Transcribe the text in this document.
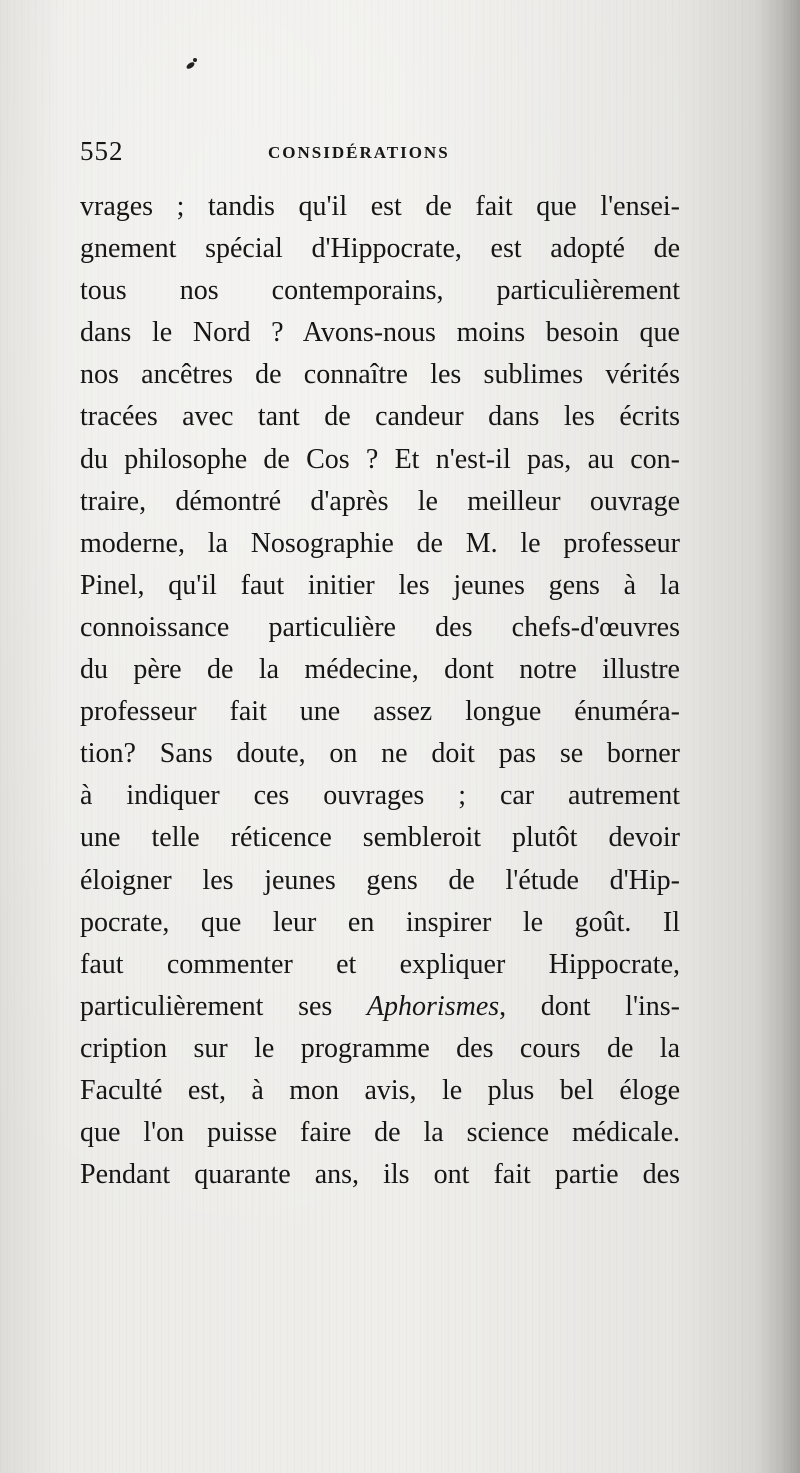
552	CONSIDÉRATIONS
vrages ; tandis qu'il est de fait que l'ensei-
gnement spécial d'Hippocrate, est adopté de
tous nos contemporains, particulièrement
dans le Nord ? Avons-nous moins besoin que
nos ancêtres de connaître les sublimes vérités
tracées avec tant de candeur dans les écrits
du philosophe de Cos ? Et n'est-il pas, au con-
traire, démontré d'après le meilleur ouvrage
moderne, la Nosographie de M. le professeur
Pinel, qu'il faut initier les jeunes gens à la
connoissance particulière des chefs-d'œuvres
du père de la médecine, dont notre illustre
professeur fait une assez longue énuméra-
tion? Sans doute, on ne doit pas se borner
à indiquer ces ouvrages ; car autrement
une telle réticence sembleroit plutôt devoir
éloigner les jeunes gens de l'étude d'Hip-
pocrate, que leur en inspirer le goût. Il
faut commenter et expliquer Hippocrate,
particulièrement ses Aphorismes, dont l'ins-
cription sur le programme des cours de la
Faculté est, à mon avis, le plus bel éloge
que l'on puisse faire de la science médicale.
Pendant quarante ans, ils ont fait partie des
